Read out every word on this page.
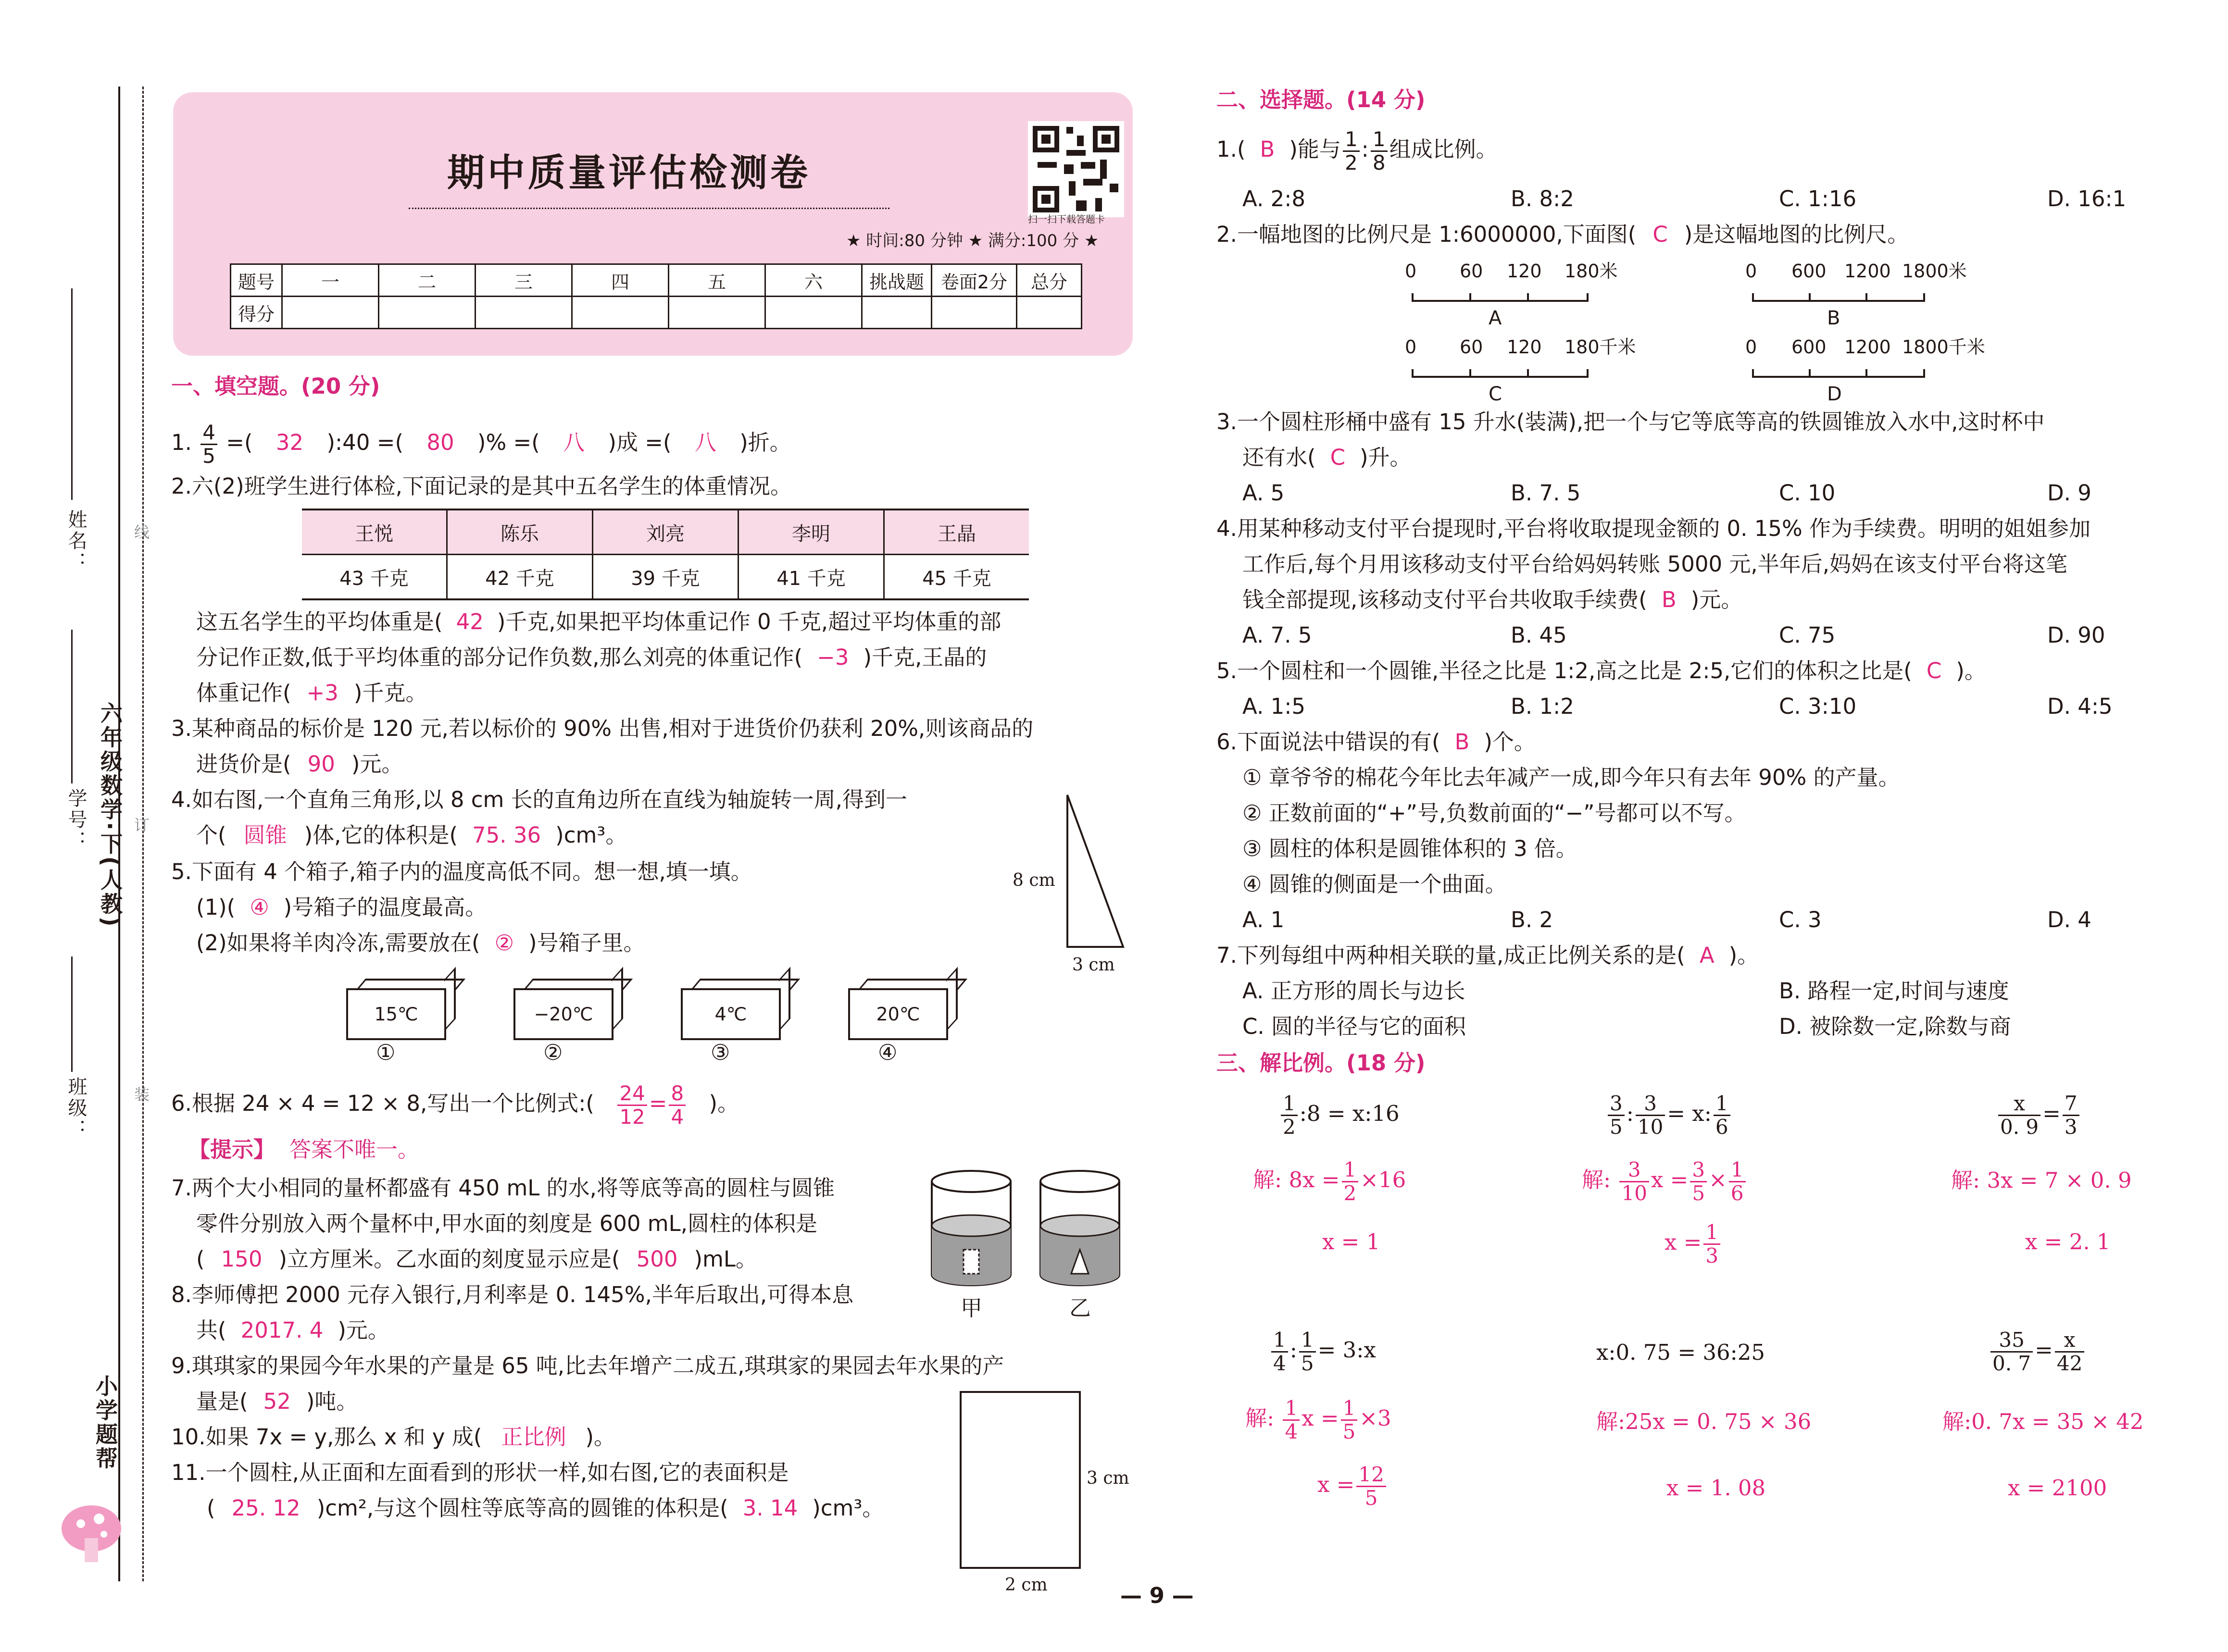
班级：
学号：
姓名：
六年级数学·下(人教)
线
订
装
小学题帮
期中质量评估检测卷
扫一扫下载答题卡
★ 时间:80 分钟 ★ 满分:100 分 ★
题号	一	二	三	四	五	六	挑战题	卷面2分	总分
得分									
一、填空题。(20 分)
1. $\frac{4}{5}$ =( 32 ):40 =( 80 )% =( 八 )成 =( 八 )折。
2.六(2)班学生进行体检,下面记录的是其中五名学生的体重情况。
王悦	陈乐	刘亮	李明	王晶
43 千克	42 千克	39 千克	41 千克	45 千克
这五名学生的平均体重是( 42 )千克,如果把平均体重记作 0 千克,超过平均体重的部
分记作正数,低于平均体重的部分记作负数,那么刘亮的体重记作( −3 )千克,王晶的
体重记作( +3 )千克。
3.某种商品的标价是 120 元,若以标价的 90% 出售,相对于进货价仍获利 20%,则该商品的
进货价是( 90 )元。
4.如右图,一个直角三角形,以 8 cm 长的直角边所在直线为轴旋转一周,得到一
个( 圆锥 )体,它的体积是( 75. 36 )cm³。
8 cm
3 cm
5.下面有 4 个箱子,箱子内的温度高低不同。想一想,填一填。
(1)( ④ )号箱子的温度最高。
(2)如果将羊肉冷冻,需要放在( ② )号箱子里。
15℃	−20℃	4℃	20℃
①	②	③	④
6.根据 24 × 4 = 12 × 8,写出一个比例式:( $\frac{24}{12} = \frac{8}{4}$ )。
【提示】 答案不唯一。
7.两个大小相同的量杯都盛有 450 mL 的水,将等底等高的圆柱与圆锥
零件分别放入两个量杯中,甲水面的刻度是 600 mL,圆柱的体积是
( 150 )立方厘米。乙水面的刻度显示应是( 500 )mL。
甲	乙
8.李师傅把 2000 元存入银行,月利率是 0. 145%,半年后取出,可得本息
共( 2017. 4 )元。
9.琪琪家的果园今年水果的产量是 65 吨,比去年增产二成五,琪琪家的果园去年水果的产
量是( 52 )吨。
10.如果 7x = y,那么 x 和 y 成( 正比例 )。
11.一个圆柱,从正面和左面看到的形状一样,如右图,它的表面积是
( 25. 12 )cm²,与这个圆柱等底等高的圆锥的体积是( 3. 14 )cm³。
3 cm
2 cm
二、选择题。(14 分)
1.( B )能与 $\frac{1}{2}$ : $\frac{1}{8}$ 组成比例。
A. 2:8	B. 8:2	C. 1:16	D. 16:1
2.一幅地图的比例尺是 1:6000000,下面图( C )是这幅地图的比例尺。
0 60 120 180米
A
0 600 1200 1800米
B
0 60 120 180千米
C
0 600 1200 1800千米
D
3.一个圆柱形桶中盛有 15 升水(装满),把一个与它等底等高的铁圆锥放入水中,这时杯中
还有水( C )升。
A. 5	B. 7. 5	C. 10	D. 9
4.用某种移动支付平台提现时,平台将收取提现金额的 0. 15% 作为手续费。明明的姐姐参加
工作后,每个月用该移动支付平台给妈妈转账 5000 元,半年后,妈妈在该支付平台将这笔
钱全部提现,该移动支付平台共收取手续费( B )元。
A. 7. 5	B. 45	C. 75	D. 90
5.一个圆柱和一个圆锥,半径之比是 1:2,高之比是 2:5,它们的体积之比是( C )。
A. 1:5	B. 1:2	C. 3:10	D. 4:5
6.下面说法中错误的有( B )个。
① 章爷爷的棉花今年比去年减产一成,即今年只有去年 90% 的产量。
② 正数前面的“+”号,负数前面的“−”号都可以不写。
③ 圆柱的体积是圆锥体积的 3 倍。
④ 圆锥的侧面是一个曲面。
A. 1	B. 2	C. 3	D. 4
7.下列每组中两种相关联的量,成正比例关系的是( A )。
A. 正方形的周长与边长	B. 路程一定,时间与速度
C. 圆的半径与它的面积	D. 被除数一定,除数与商
三、解比例。(18 分)
$\frac{1}{2}$ :8 = x:16
解: $8x = \frac{1}{2} \times 16$
x = 1
$\frac{3}{5}$ : $\frac{3}{10} = x$: $\frac{1}{6}$
解: $\frac{3}{10}$ $x = \frac{3}{5} \times \frac{1}{6}$
$x = \frac{1}{3}$
$\frac{x}{0. 9} = \frac{7}{3}$
解: 3x = 7 × 0. 9
x = 2. 1
$\frac{1}{4}$ : $\frac{1}{5}$ = 3:x
解: $\frac{1}{4}$ $x = \frac{1}{5} \times 3$
$x = \frac{12}{5}$
x:0. 75 = 36:25
解:25x = 0. 75 × 36
x = 1. 08
$\frac{35}{0. 7} = \frac{x}{42}$
解:0. 7x = 35 × 42
x = 2100
— 9 —
